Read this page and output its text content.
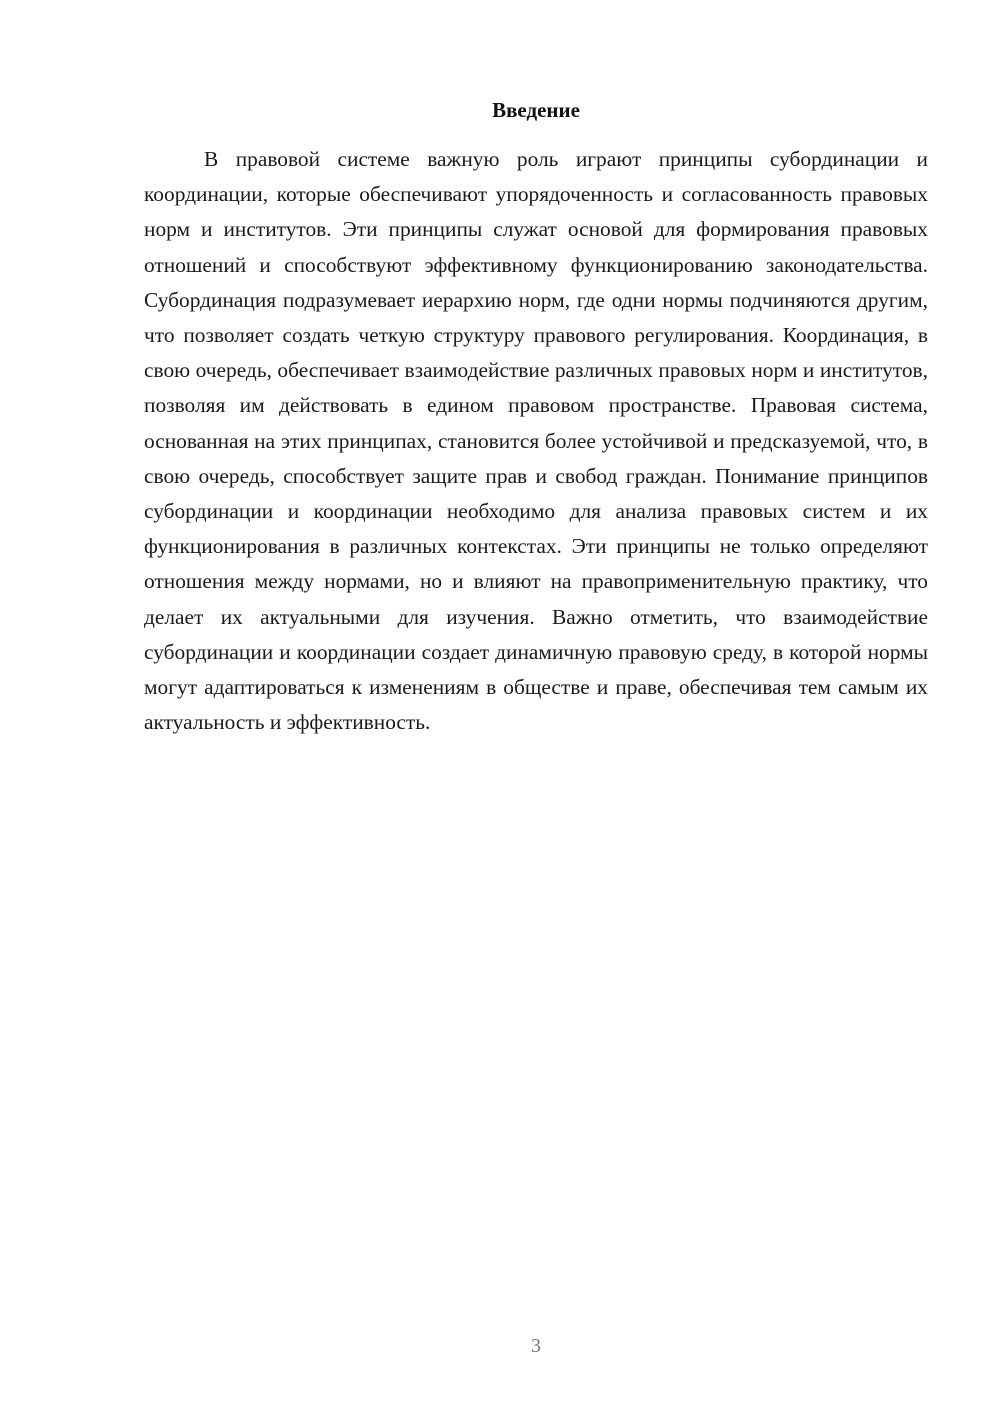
Введение

В правовой системе важную роль играют принципы субординации и координации, которые обеспечивают упорядоченность и согласованность правовых норм и институтов. Эти принципы служат основой для формирования правовых отношений и способствуют эффективному функционированию законодательства. Субординация подразумевает иерархию норм, где одни нормы подчиняются другим, что позволяет создать четкую структуру правового регулирования. Координация, в свою очередь, обеспечивает взаимодействие различных правовых норм и институтов, позволяя им действовать в едином правовом пространстве. Правовая система, основанная на этих принципах, становится более устойчивой и предсказуемой, что, в свою очередь, способствует защите прав и свобод граждан. Понимание принципов субординации и координации необходимо для анализа правовых систем и их функционирования в различных контекстах. Эти принципы не только определяют отношения между нормами, но и влияют на правоприменительную практику, что делает их актуальными для изучения. Важно отметить, что взаимодействие субординации и координации создает динамичную правовую среду, в которой нормы могут адаптироваться к изменениям в обществе и праве, обеспечивая тем самым их актуальность и эффективность.

3
